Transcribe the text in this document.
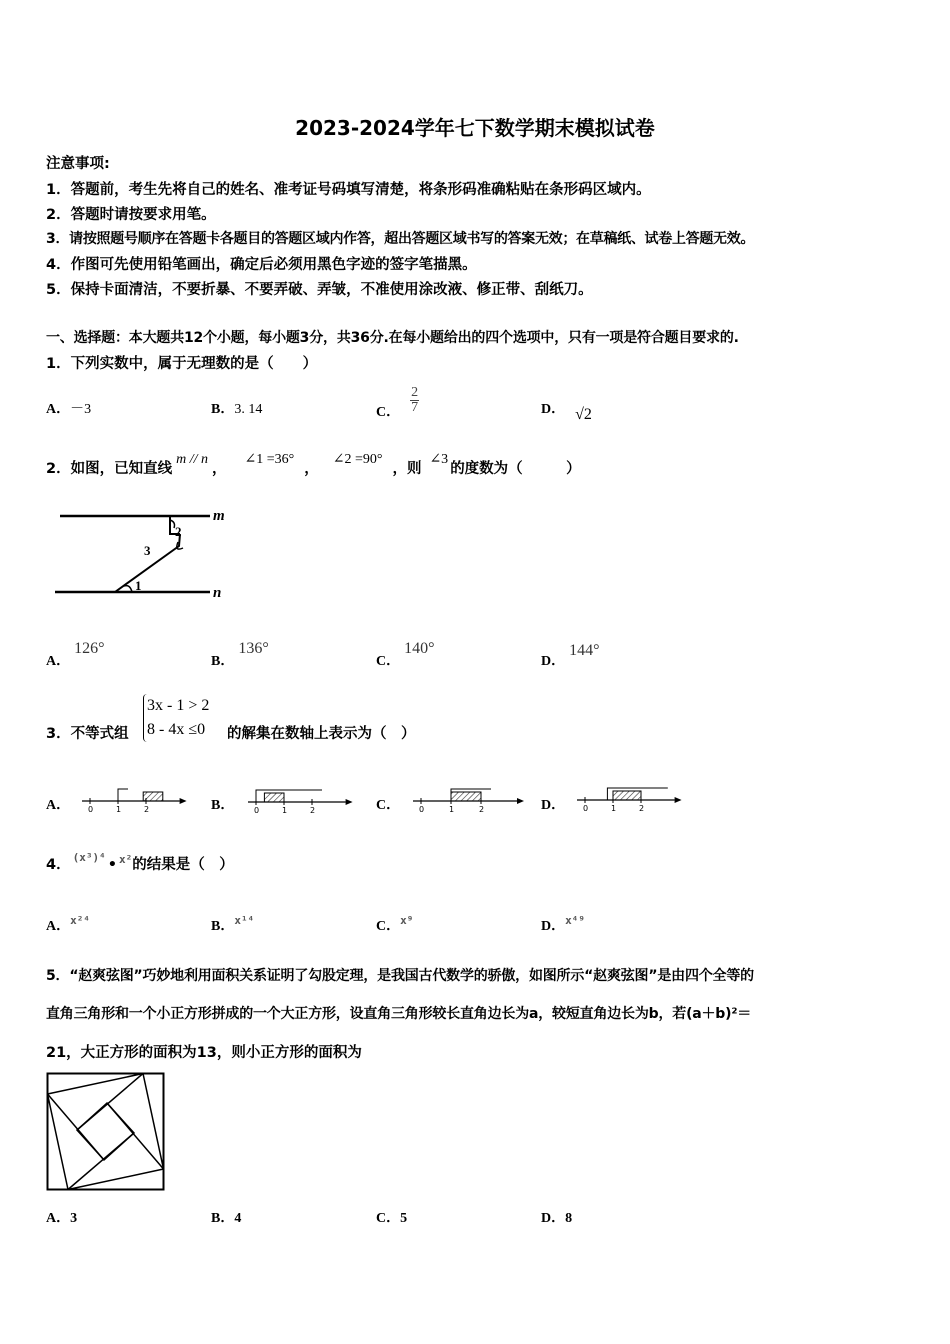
2023-2024学年七下数学期末模拟试卷
注意事项:
1．答题前，考生先将自己的姓名、准考证号码填写清楚，将条形码准确粘贴在条形码区域内。
2．答题时请按要求用笔。
3．请按照题号顺序在答题卡各题目的答题区域内作答，超出答题区域书写的答案无效；在草稿纸、试卷上答题无效。
4．作图可先使用铅笔画出，确定后必须用黑色字迹的签字笔描黑。
5．保持卡面清洁，不要折暴、不要弄破、弄皱，不准使用涂改液、修正带、刮纸刀。
一、选择题：本大题共12个小题，每小题3分，共36分.在每小题给出的四个选项中，只有一项是符合题目要求的.
1．下列实数中，属于无理数的是（　　）
A．－3	B．3. 14	C． $\frac{2}{7}$	D． √2
2．如图，已知直线m // n，∠1 =36°，∠2 =90°，则∠3的度数为（　　　）
m
n
2
3
1
A．126°
B．136°
C．140°
D．144°
3．不等式组
3x - 1 > 2
8 - 4x ≤0 的解集在数轴上表示为（　）
A．	B．	C．	D．
0	1	2	0	1	2	0	1	2	0	1	2
4． $^{(x^3)^4}$ • $^{x^2}$的结果是（　）
A．$^{x^{24}}$	B．$^{x^{14}}$	C．$^{x^9}$	D．$^{x^{49}}$
5．“赵爽弦图”巧妙地利用面积关系证明了勾股定理，是我国古代数学的骄傲，如图所示“赵爽弦图”是由四个全等的
直角三角形和一个小正方形拼成的一个大正方形，设直角三角形较长直角边长为a，较短直角边长为b，若(a＋b)²＝
21，大正方形的面积为13，则小正方形的面积为
A．3	B．4	C．5	D．8
